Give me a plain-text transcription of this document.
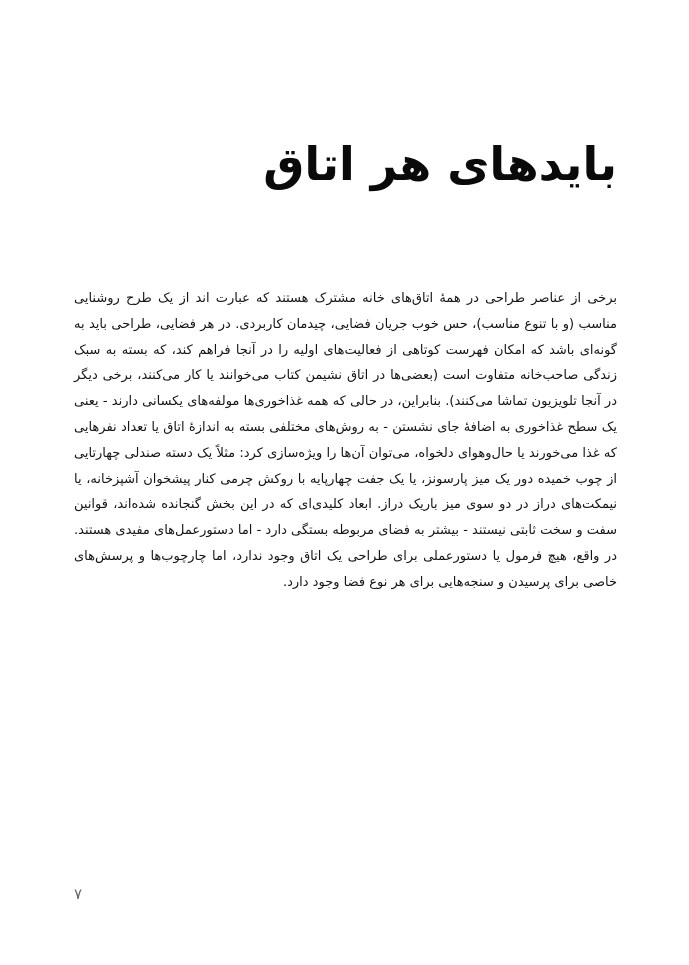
بایدهای هر اتاق

برخی از عناصر طراحی در همهٔ اتاق‌های خانه مشترک هستند که عبارت اند از یک طرح روشنایی مناسب (و با تنوع مناسب)، حس خوب جریان فضایی، چیدمان کاربردی. در هر فضایی، طراحی باید به گونه‌ای باشد که امکان فهرست کوتاهی از فعالیت‌های اولیه را در آنجا فراهم کند، که بسته به سبک زندگی صاحب‌خانه متفاوت است (بعضی‌ها در اتاق نشیمن کتاب می‌خوانند یا کار می‌کنند، برخی دیگر در آنجا تلویزیون تماشا می‌کنند). بنابراین، در حالی که همه غذاخوری‌ها مولفه‌های یکسانی دارند - یعنی یک سطح غذاخوری به اضافهٔ جای نشستن - به روش‌های مختلفی بسته به اندازهٔ اتاق یا تعداد نفرهایی که غذا می‌خورند یا حال‌وهوای دلخواه، می‌توان آن‌ها را ویژه‌سازی کرد: مثلاً یک دسته صندلی چهارتایی از چوب خمیده دور یک میز پارسونز، یا یک جفت چهارپایه با روکش چرمی کنار پیشخوان آشپزخانه، یا نیمکت‌های دراز در دو سوی میز باریک دراز. ابعاد کلیدی‌ای که در این بخش گنجانده شده‌اند، قوانین سفت و سخت ثابتی نیستند - بیشتر به فضای مربوطه بستگی دارد - اما دستورعمل‌های مفیدی هستند. در واقع، هیچ فرمول یا دستورعملی برای طراحی یک اتاق وجود ندارد، اما چارچوب‌ها و پرسش‌های خاصی برای پرسیدن و سنجه‌هایی برای هر نوع فضا وجود دارد.

۷
